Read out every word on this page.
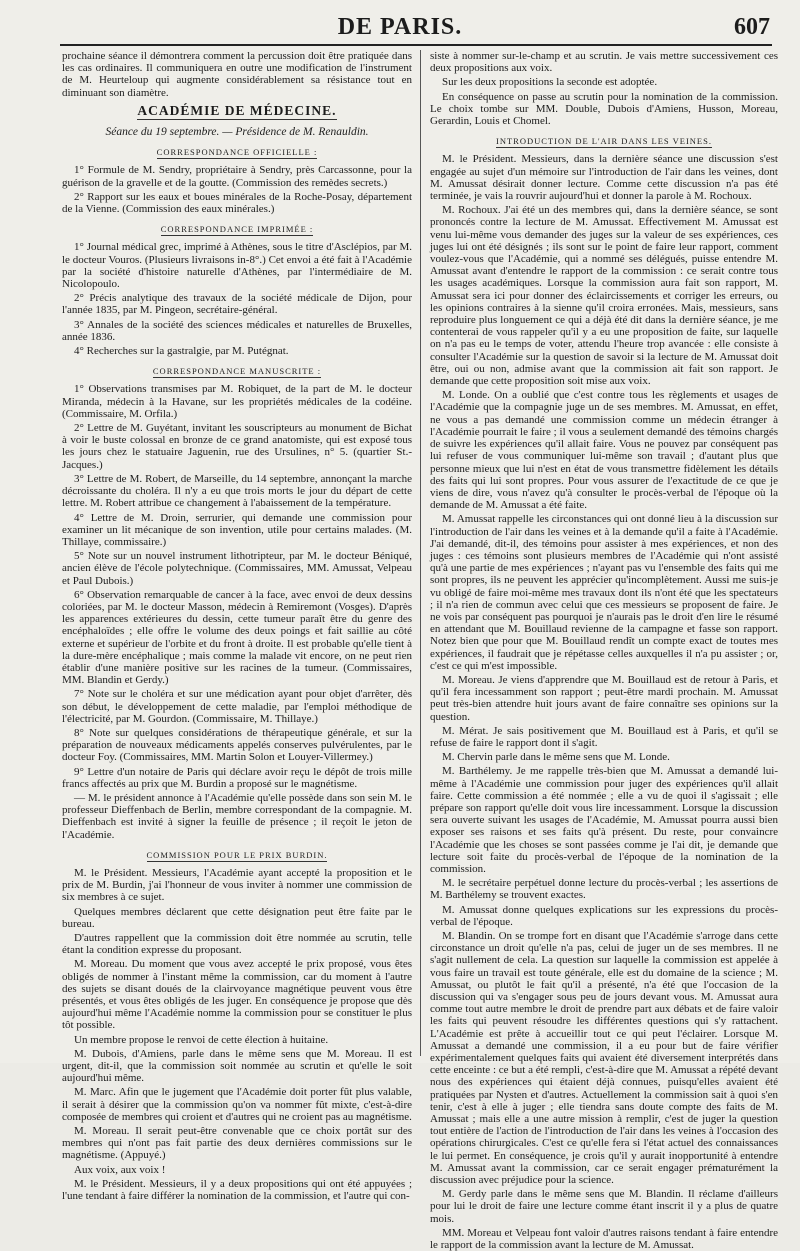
DE PARIS.	607

prochaine séance il démontrera comment la percussion doit être pratiquée dans les cas ordinaires. Il communiquera en outre une modification de l'instrument de M. Heurteloup qui augmente considérablement sa résistance tout en diminuant son diamètre.

ACADÉMIE DE MÉDECINE.
Séance du 19 septembre. — Présidence de M. Renauldin.
CORRESPONDANCE OFFICIELLE :

1° Formule de M. Sendry, propriétaire à Sendry, près Carcassonne, pour la guérison de la gravelle et de la goutte. (Commission des remèdes secrets.)

2° Rapport sur les eaux et boues minérales de la Roche-Posay, département de la Vienne. (Commission des eaux minérales.)

CORRESPONDANCE IMPRIMÉE :

1° Journal médical grec, imprimé à Athènes, sous le titre d'Asclépios, par M. le docteur Vouros. (Plusieurs livraisons in-8°.) Cet envoi a été fait à l'Académie par la société d'histoire naturelle d'Athènes, par l'intermédiaire de M. Nicolopoulo.

2° Précis analytique des travaux de la société médicale de Dijon, pour l'année 1835, par M. Pingeon, secrétaire-général.

3° Annales de la société des sciences médicales et naturelles de Bruxelles, année 1836.

4° Recherches sur la gastralgie, par M. Putégnat.

CORRESPONDANCE MANUSCRITE :

1° Observations transmises par M. Robiquet, de la part de M. le docteur Miranda, médecin à la Havane, sur les propriétés médicales de la codéine. (Commissaire, M. Orfila.)

2° Lettre de M. Guyétant, invitant les souscripteurs au monument de Bichat à voir le buste colossal en bronze de ce grand anatomiste, qui est exposé tous les jours chez le statuaire Jaguenin, rue des Ursulines, n° 5. (quartier St.-Jacques.)

3° Lettre de M. Robert, de Marseille, du 14 septembre, annonçant la marche décroissante du choléra. Il n'y a eu que trois morts le jour du départ de cette lettre. M. Robert attribue ce changement à l'abaissement de la température.

4° Lettre de M. Droin, serrurier, qui demande une commission pour examiner un lit mécanique de son invention, utile pour certains malades. (M. Thillaye, commissaire.)

5° Note sur un nouvel instrument lithotripteur, par M. le docteur Béniqué, ancien élève de l'école polytechnique. (Commissaires, MM. Amussat, Velpeau et Paul Dubois.)

6° Observation remarquable de cancer à la face, avec envoi de deux dessins coloriées, par M. le docteur Masson, médecin à Remiremont (Vosges). D'après les apparences extérieures du dessin, cette tumeur paraît être du genre des encéphaloïdes ; elle offre le volume des deux poings et fait saillie au côté externe et supérieur de l'orbite et du front à droite. Il est probable qu'elle tient à la dure-mère encéphalique ; mais comme la malade vit encore, on ne peut rien établir d'une manière positive sur les racines de la tumeur. (Commissaires, MM. Blandin et Gerdy.)

7° Note sur le choléra et sur une médication ayant pour objet d'arrêter, dès son début, le développement de cette maladie, par l'emploi méthodique de l'électricité, par M. Gourdon. (Commissaire, M. Thillaye.)

8° Note sur quelques considérations de thérapeutique générale, et sur la préparation de nouveaux médicaments appelés conserves pulvérulentes, par le docteur Foy. (Commissaires, MM. Martin Solon et Louyer-Villermey.)

9° Lettre d'un notaire de Paris qui déclare avoir reçu le dépôt de trois mille francs affectés au prix que M. Burdin a proposé sur le magnétisme.

— M. le président annonce à l'Académie qu'elle possède dans son sein M. le professeur Dieffenbach de Berlin, membre correspondant de la compagnie. M. Dieffenbach est invité à signer la feuille de présence ; il reçoit le jeton de l'Académie.

COMMISSION POUR LE PRIX BURDIN.

M. le Président. Messieurs, l'Académie ayant accepté la proposition et le prix de M. Burdin, j'ai l'honneur de vous inviter à nommer une commission de six membres à ce sujet.

Quelques membres déclarent que cette désignation peut être faite par le bureau.

D'autres rappellent que la commission doit être nommée au scrutin, telle étant la condition expresse du proposant.

M. Moreau. Du moment que vous avez accepté le prix proposé, vous êtes obligés de nommer à l'instant même la commission, car du moment à l'autre des sujets se disant doués de la clairvoyance magnétique peuvent vous être présentés, et vous êtes obligés de les juger. En conséquence je propose que dès aujourd'hui même l'Académie nomme la commission pour se constituer le plus tôt possible.

Un membre propose le renvoi de cette élection à huitaine.

M. Dubois, d'Amiens, parle dans le même sens que M. Moreau. Il est urgent, dit-il, que la commission soit nommée au scrutin et qu'elle le soit aujourd'hui même.

M. Marc. Afin que le jugement que l'Académie doit porter fût plus valable, il serait à désirer que la commission qu'on va nommer fût mixte, c'est-à-dire composée de membres qui croient et d'autres qui ne croient pas au magnétisme.

M. Moreau. Il serait peut-être convenable que ce choix portât sur des membres qui n'ont pas fait partie des deux dernières commissions sur le magnétisme. (Appuyé.)

Aux voix, aux voix !

M. le Président. Messieurs, il y a deux propositions qui ont été appuyées ; l'une tendant à faire différer la nomination de la commission, et l'autre qui con-

siste à nommer sur-le-champ et au scrutin. Je vais mettre successivement ces deux propositions aux voix.

Sur les deux propositions la seconde est adoptée.

En conséquence on passe au scrutin pour la nomination de la commission. Le choix tombe sur MM. Double, Dubois d'Amiens, Husson, Moreau, Gerardin, Louis et Chomel.

INTRODUCTION DE L'AIR DANS LES VEINES.

M. le Président. Messieurs, dans la dernière séance une discussion s'est engagée au sujet d'un mémoire sur l'introduction de l'air dans les veines, dont M. Amussat désirait donner lecture. Comme cette discussion n'a pas été terminée, je vais la rouvrir aujourd'hui et donner la parole à M. Rochoux.

M. Rochoux. J'ai été un des membres qui, dans la dernière séance, se sont prononcés contre la lecture de M. Amussat. Effectivement M. Amussat est venu lui-même vous demander des juges sur la valeur de ses expériences, ces juges lui ont été désignés ; ils sont sur le point de faire leur rapport, comment voulez-vous que l'Académie, qui a nommé ses délégués, puisse entendre M. Amussat avant d'entendre le rapport de la commission : ce serait contre tous les usages académiques. Lorsque la commission aura fait son rapport, M. Amussat sera ici pour donner des éclaircissements et corriger les erreurs, ou les opinions contraires à la sienne qu'il croira erronées. Mais, messieurs, sans reproduire plus longuement ce qui a déjà été dit dans la dernière séance, je me contenterai de vous rappeler qu'il y a eu une proposition de faite, sur laquelle on n'a pas eu le temps de voter, attendu l'heure trop avancée : elle consiste à consulter l'Académie sur la question de savoir si la lecture de M. Amussat doit être, oui ou non, admise avant que la commission ait fait son rapport. Je demande que cette proposition soit mise aux voix.

M. Londe. On a oublié que c'est contre tous les règlements et usages de l'Académie que la compagnie juge un de ses membres. M. Amussat, en effet, ne vous a pas demandé une commission comme un médecin étranger à l'Académie pourrait le faire ; il vous a seulement demandé des témoins chargés de suivre les expériences qu'il allait faire. Vous ne pouvez par conséquent pas lui refuser de vous communiquer lui-même son travail ; d'autant plus que personne mieux que lui n'est en état de vous transmettre fidèlement les détails des faits qui lui sont propres. Pour vous assurer de l'exactitude de ce que je viens de dire, vous n'avez qu'à consulter le procès-verbal de l'époque où la demande de M. Amussat a été faite.

M. Amussat rappelle les circonstances qui ont donné lieu à la discussion sur l'introduction de l'air dans les veines et à la demande qu'il a faite à l'Académie. J'ai demandé, dit-il, des témoins pour assister à mes expériences, et non des juges : ces témoins sont plusieurs membres de l'Académie qui n'ont assisté qu'à une partie de mes expériences ; n'ayant pas vu l'ensemble des faits qui me sont propres, ils ne peuvent les apprécier qu'incomplètement. Aussi me suis-je vu obligé de faire moi-même mes travaux dont ils n'ont été que les spectateurs ; il n'a rien de commun avec celui que ces messieurs se proposent de faire. Je ne vois par conséquent pas pourquoi je n'aurais pas le droit d'en lire le résumé en attendant que M. Bouillaud revienne de la campagne et fasse son rapport. Notez bien que pour que M. Bouillaud rendît un compte exact de toutes mes expériences, il faudrait que je répétasse celles auxquelles il n'a pu assister ; or, c'est ce qui m'est impossible.

M. Moreau. Je viens d'apprendre que M. Bouillaud est de retour à Paris, et qu'il fera incessamment son rapport ; peut-être mardi prochain. M. Amussat peut très-bien attendre huit jours avant de faire connaître ses opinions sur la question.

M. Mérat. Je sais positivement que M. Bouillaud est à Paris, et qu'il se refuse de faire le rapport dont il s'agit.

M. Chervin parle dans le même sens que M. Londe.

M. Barthélemy. Je me rappelle très-bien que M. Amussat a demandé lui-même à l'Académie une commission pour juger des expériences qu'il allait faire. Cette commission a été nommée ; elle a vu de quoi il s'agissait ; elle prépare son rapport qu'elle doit vous lire incessamment. Lorsque la discussion sera ouverte suivant les usages de l'Académie, M. Amussat pourra aussi bien exposer ses raisons et ses faits qu'à présent. Du reste, pour convaincre l'Académie que les choses se sont passées comme je l'ai dit, je demande que lecture soit faite du procès-verbal de l'époque de la nomination de la commission.

M. le secrétaire perpétuel donne lecture du procès-verbal ; les assertions de M. Barthélemy se trouvent exactes.

M. Amussat donne quelques explications sur les expressions du procès-verbal de l'époque.

M. Blandin. On se trompe fort en disant que l'Académie s'arroge dans cette circonstance un droit qu'elle n'a pas, celui de juger un de ses membres. Il ne s'agit nullement de cela. La question sur laquelle la commission est appelée à vous faire un travail est toute générale, elle est du domaine de la science ; M. Amussat, ou plutôt le fait qu'il a présenté, n'a été que l'occasion de la discussion qui va s'engager sous peu de jours devant vous. M. Amussat aura comme tout autre membre le droit de prendre part aux débats et de faire valoir les faits qui peuvent résoudre les différentes questions qui s'y rattachent. L'Académie est prête à accueillir tout ce qui peut l'éclairer. Lorsque M. Amussat a demandé une commission, il a eu pour but de faire vérifier expérimentalement quelques faits qui avaient été diversement interprétés dans cette enceinte : ce but a été rempli, c'est-à-dire que M. Amussat a répété devant nous des expériences qui étaient déjà connues, puisqu'elles avaient été pratiquées par Nysten et d'autres. Actuellement la commission sait à quoi s'en tenir, c'est à elle à juger ; elle tiendra sans doute compte des faits de M. Amussat ; mais elle a une autre mission à remplir, c'est de juger la question tout entière de l'action de l'introduction de l'air dans les veines à l'occasion des opérations chirurgicales. C'est ce qu'elle fera si l'état actuel des connaissances le lui permet. En conséquence, je crois qu'il y aurait inopportunité à entendre M. Amussat avant la commission, car ce serait engager prématurément la discussion avec préjudice pour la science.

M. Gerdy parle dans le même sens que M. Blandin. Il réclame d'ailleurs pour lui le droit de faire une lecture comme étant inscrit il y a plus de quatre mois.

MM. Moreau et Velpeau font valoir d'autres raisons tendant à faire entendre le rapport de la commission avant la lecture de M. Amussat.
